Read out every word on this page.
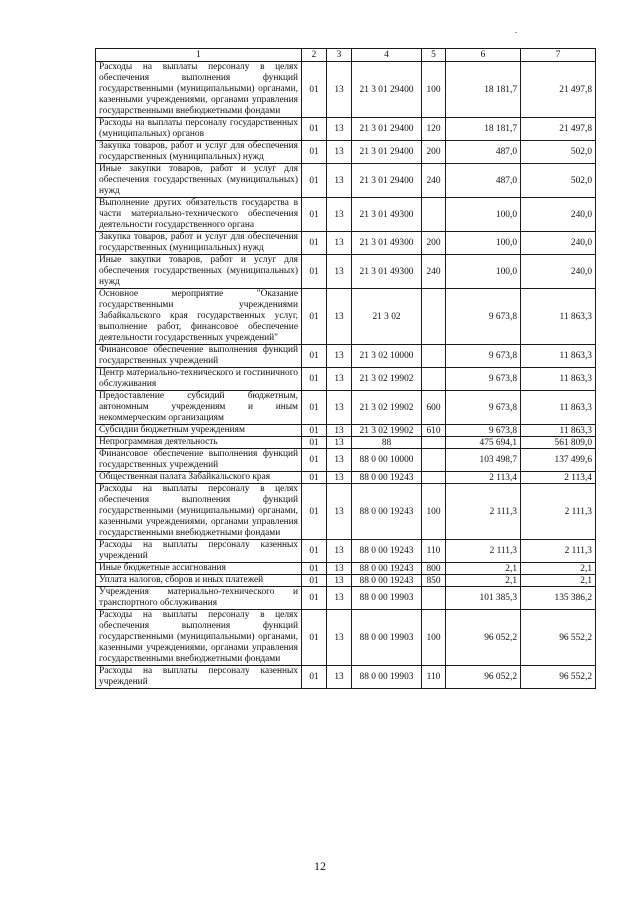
1	2	3	4	5	6	7
Расходы на выплаты персоналу в целях обеспечения выполнения функций государственными (муниципальными) органами, казенными учреждениями, органами управления государственными внебюджетными фондами	01	13	21 3 01 29400	100	18 181,7	21 497,8
Расходы на выплаты персоналу государственных (муниципальных) органов	01	13	21 3 01 29400	120	18 181,7	21 497,8
Закупка товаров, работ и услуг для обеспечения государственных (муниципальных) нужд	01	13	21 3 01 29400	200	487,0	502,0
Иные закупки товаров, работ и услуг для обеспечения государственных (муниципальных) нужд	01	13	21 3 01 29400	240	487,0	502,0
Выполнение других обязательств государства в части материально-технического обеспечения деятельности государственного органа	01	13	21 3 01 49300		100,0	240,0
Закупка товаров, работ и услуг для обеспечения государственных (муниципальных) нужд	01	13	21 3 01 49300	200	100,0	240,0
Иные закупки товаров, работ и услуг для обеспечения государственных (муниципальных) нужд	01	13	21 3 01 49300	240	100,0	240,0
Основное мероприятие "Оказание государственными учреждениями Забайкальского края государственных услуг, выполнение работ, финансовое обеспечение деятельности государственных учреждений"	01	13	21 3 02		9 673,8	11 863,3
Финансовое обеспечение выполнения функций государственных учреждений	01	13	21 3 02 10000		9 673,8	11 863,3
Центр материально-технического и гостиничного обслуживания	01	13	21 3 02 19902		9 673,8	11 863,3
Предоставление субсидий бюджетным, автономным учреждениям и иным некоммерческим организациям	01	13	21 3 02 19902	600	9 673,8	11 863,3
Субсидии бюджетным учреждениям	01	13	21 3 02 19902	610	9 673,8	11 863,3
Непрограммная деятельность	01	13	88		475 694,1	561 809,0
Финансовое обеспечение выполнения функций государственных учреждений	01	13	88 0 00 10000		103 498,7	137 499,6
Общественная палата Забайкальского края	01	13	88 0 00 19243		2 113,4	2 113,4
Расходы на выплаты персоналу в целях обеспечения выполнения функций государственными (муниципальными) органами, казенными учреждениями, органами управления государственными внебюджетными фондами	01	13	88 0 00 19243	100	2 111,3	2 111,3
Расходы на выплаты персоналу казенных учреждений	01	13	88 0 00 19243	110	2 111,3	2 111,3
Иные бюджетные ассигнования	01	13	88 0 00 19243	800	2,1	2,1
Уплата налогов, сборов и иных платежей	01	13	88 0 00 19243	850	2,1	2,1
Учреждения материально-технического и транспортного обслуживания	01	13	88 0 00 19903		101 385,3	135 386,2
Расходы на выплаты персоналу в целях обеспечения выполнения функций государственными (муниципальными) органами, казенными учреждениями, органами управления государственными внебюджетными фондами	01	13	88 0 00 19903	100	96 052,2	96 552,2
Расходы на выплаты персоналу казенных учреждений	01	13	88 0 00 19903	110	96 052,2	96 552,2
12
